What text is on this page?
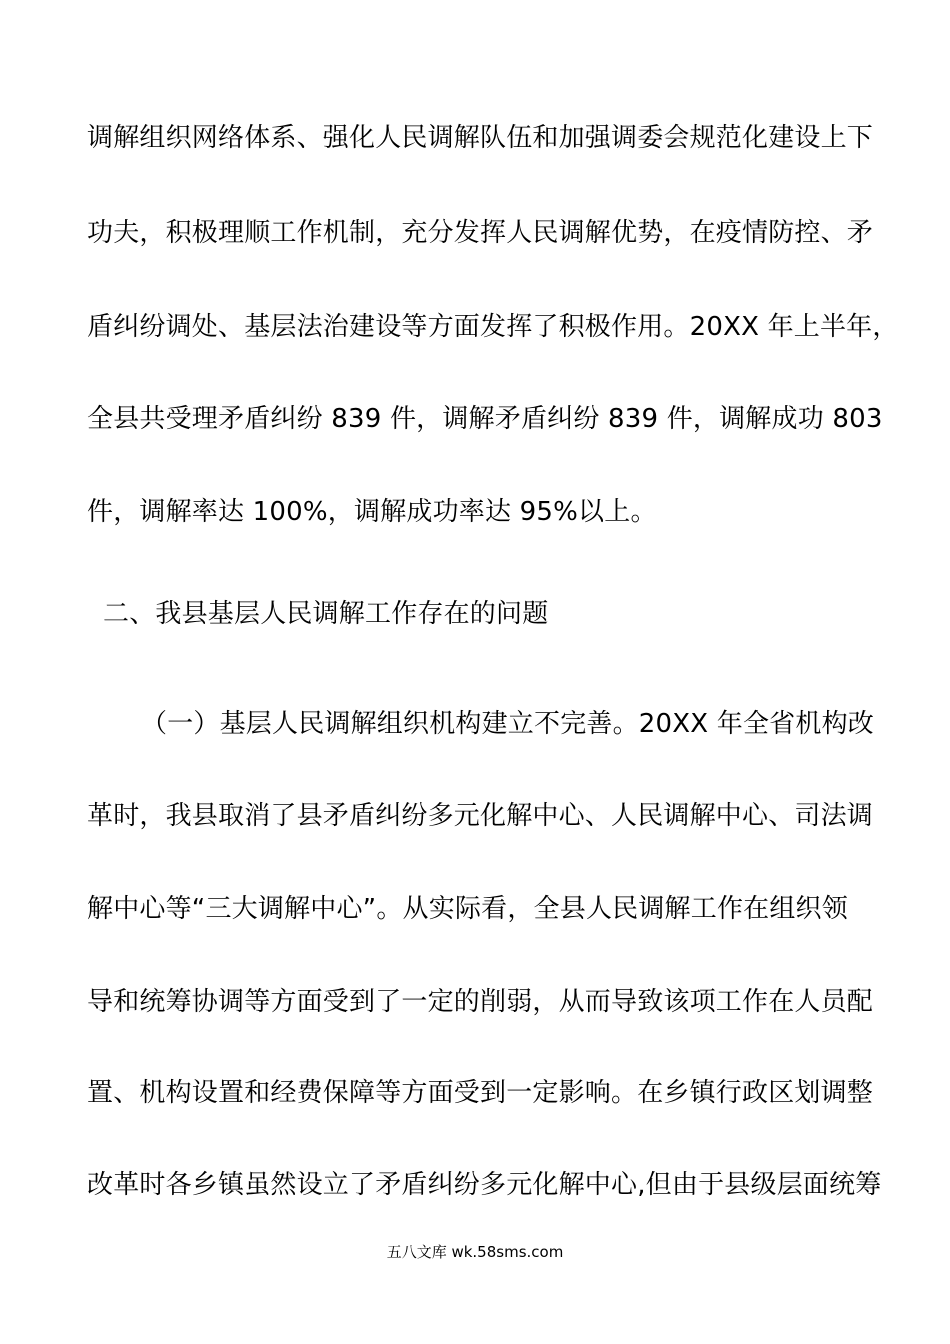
调解组织网络体系、强化人民调解队伍和加强调委会规范化建设上下
功夫，积极理顺工作机制，充分发挥人民调解优势，在疫情防控、矛
盾纠纷调处、基层法治建设等方面发挥了积极作用。20XX 年上半年，
全县共受理矛盾纠纷 839 件，调解矛盾纠纷 839 件，调解成功 803
件，调解率达 100%，调解成功率达 95%以上。
二、我县基层人民调解工作存在的问题
（一）基层人民调解组织机构建立不完善。20XX 年全省机构改
革时，我县取消了县矛盾纠纷多元化解中心、人民调解中心、司法调
解中心等“三大调解中心”。从实际看，全县人民调解工作在组织领
导和统筹协调等方面受到了一定的削弱，从而导致该项工作在人员配
置、机构设置和经费保障等方面受到一定影响。在乡镇行政区划调整
改革时各乡镇虽然设立了矛盾纠纷多元化解中心,但由于县级层面统筹
五八文库 wk.58sms.com
